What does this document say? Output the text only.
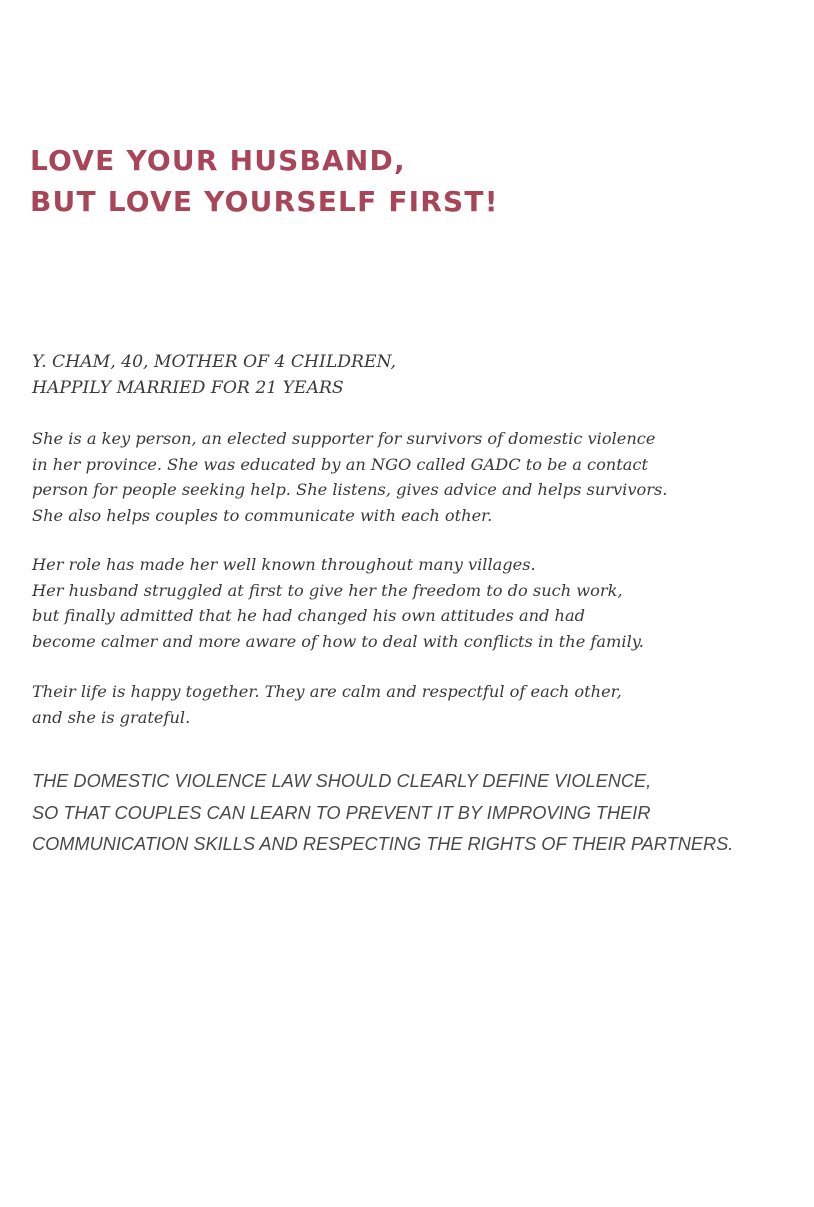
LOVE YOUR HUSBAND,
BUT LOVE YOURSELF FIRST!
Y. CHAM, 40, MOTHER OF 4 CHILDREN,
HAPPILY MARRIED FOR 21 YEARS

She is a key person, an elected supporter for survivors of domestic violence
in her province. She was educated by an NGO called GADC to be a contact
person for people seeking help. She listens, gives advice and helps survivors.
She also helps couples to communicate with each other.

Her role has made her well known throughout many villages.
Her husband struggled at first to give her the freedom to do such work,
but finally admitted that he had changed his own attitudes and had
become calmer and more aware of how to deal with conflicts in the family.

Their life is happy together. They are calm and respectful of each other,
and she is grateful.

THE DOMESTIC VIOLENCE LAW SHOULD CLEARLY DEFINE VIOLENCE,
SO THAT COUPLES CAN LEARN TO PREVENT IT BY IMPROVING THEIR
COMMUNICATION SKILLS AND RESPECTING THE RIGHTS OF THEIR PARTNERS.
